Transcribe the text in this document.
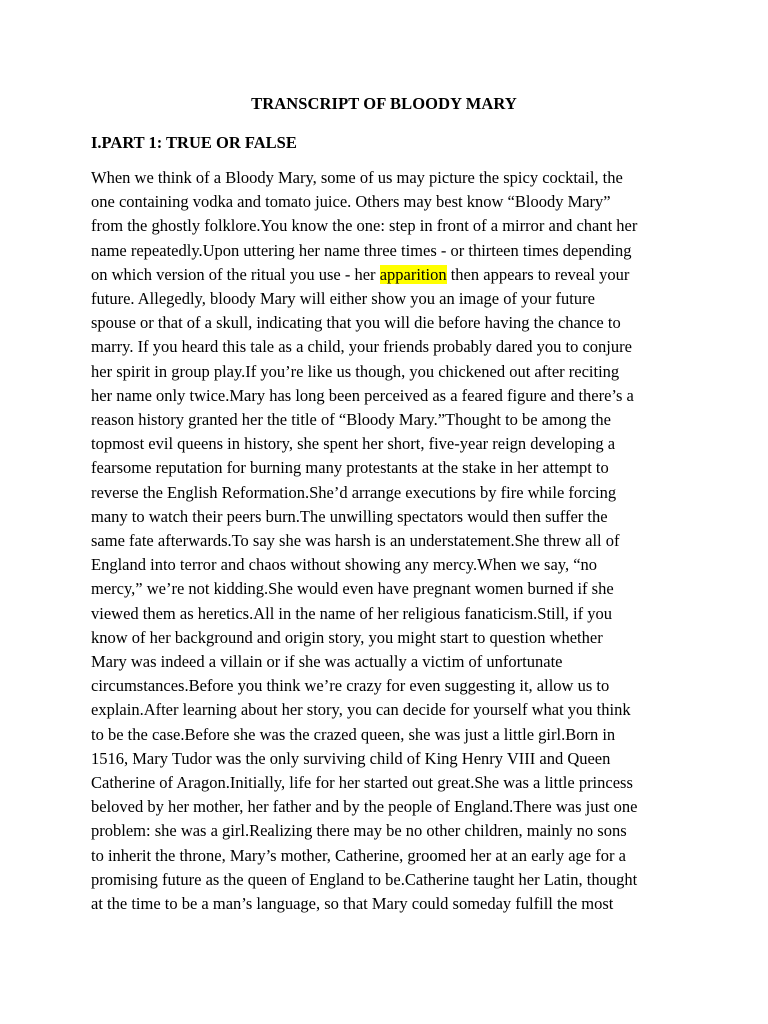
TRANSCRIPT OF BLOODY MARY
I.PART 1: TRUE OR FALSE
When we think of a Bloody Mary, some of us may picture the spicy cocktail, the
one containing vodka and tomato juice. Others may best know “Bloody Mary”
from the ghostly folklore.You know the one: step in front of a mirror and chant her
name repeatedly.Upon uttering her name three times - or thirteen times depending
on which version of the ritual you use - her apparition then appears to reveal your
future. Allegedly, bloody Mary will either show you an image of your future
spouse or that of a skull, indicating that you will die before having the chance to
marry. If you heard this tale as a child, your friends probably dared you to conjure
her spirit in group play.If you’re like us though, you chickened out after reciting
her name only twice.Mary has long been perceived as a feared figure and there’s a
reason history granted her the title of “Bloody Mary.”Thought to be among the
topmost evil queens in history, she spent her short, five-year reign developing a
fearsome reputation for burning many protestants at the stake in her attempt to
reverse the English Reformation.She’d arrange executions by fire while forcing
many to watch their peers burn.The unwilling spectators would then suffer the
same fate afterwards.To say she was harsh is an understatement.She threw all of
England into terror and chaos without showing any mercy.When we say, “no
mercy,” we’re not kidding.She would even have pregnant women burned if she
viewed them as heretics.All in the name of her religious fanaticism.Still, if you
know of her background and origin story, you might start to question whether
Mary was indeed a villain or if she was actually a victim of unfortunate
circumstances.Before you think we’re crazy for even suggesting it, allow us to
explain.After learning about her story, you can decide for yourself what you think
to be the case.Before she was the crazed queen, she was just a little girl.Born in
1516, Mary Tudor was the only surviving child of King Henry VIII and Queen
Catherine of Aragon.Initially, life for her started out great.She was a little princess
beloved by her mother, her father and by the people of England.There was just one
problem: she was a girl.Realizing there may be no other children, mainly no sons
to inherit the throne, Mary’s mother, Catherine, groomed her at an early age for a
promising future as the queen of England to be.Catherine taught her Latin, thought
at the time to be a man’s language, so that Mary could someday fulfill the most
